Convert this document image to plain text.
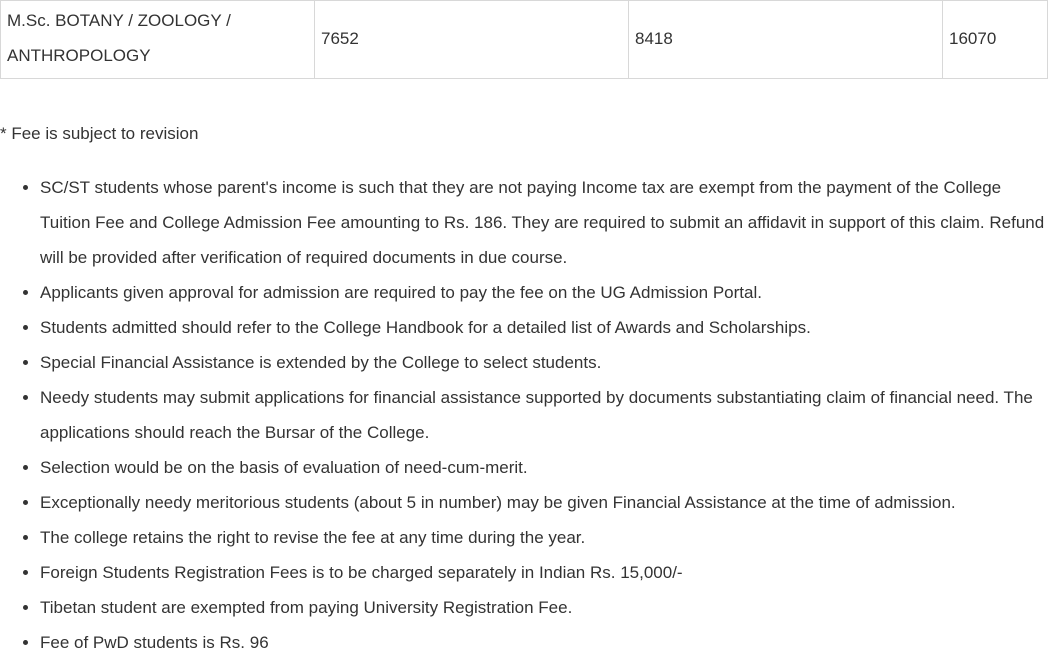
M.Sc. BOTANY / ZOOLOGY / ANTHROPOLOGY	7652	8418	16070
* Fee is subject to revision
• SC/ST students whose parent's income is such that they are not paying Income tax are exempt from the payment of the College Tuition Fee and College Admission Fee amounting to Rs. 186. They are required to submit an affidavit in support of this claim. Refund will be provided after verification of required documents in due course.
• Applicants given approval for admission are required to pay the fee on the UG Admission Portal.
• Students admitted should refer to the College Handbook for a detailed list of Awards and Scholarships.
• Special Financial Assistance is extended by the College to select students.
• Needy students may submit applications for financial assistance supported by documents substantiating claim of financial need. The applications should reach the Bursar of the College.
• Selection would be on the basis of evaluation of need-cum-merit.
• Exceptionally needy meritorious students (about 5 in number) may be given Financial Assistance at the time of admission.
• The college retains the right to revise the fee at any time during the year.
• Foreign Students Registration Fees is to be charged separately in Indian Rs. 15,000/-
• Tibetan student are exempted from paying University Registration Fee.
• Fee of PwD students is Rs. 96
